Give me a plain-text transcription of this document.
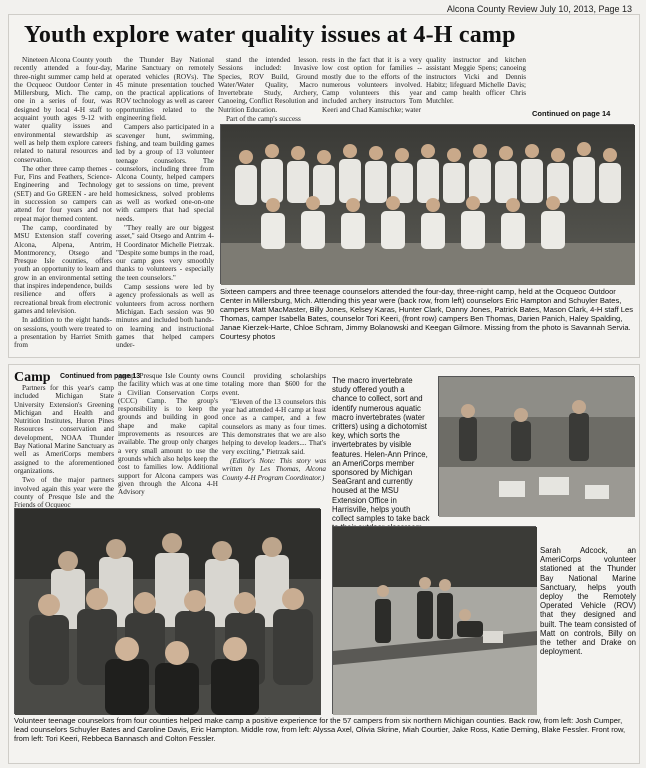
Alcona County Review July 10, 2013, Page 13
Youth explore water quality issues at 4-H camp

Nineteen Alcona County youth recently attended a four-day, three-night summer camp held at the Ocqueoc Outdoor Center in Millersburg, Mich. The camp, one in a series of four, was designed by local 4-H staff to acquaint youth ages 9-12 with water quality issues and environmental stewardship as well as help them explore careers related to natural resources and conservation.

The other three camp themes - Fur, Fins and Feathers, Science-Engineering and Technology (SET) and Go GREEN - are held in succession so campers can attend for four years and not repeat major themed content.

The camp, coordinated by MSU Extension staff covering Alcona, Alpena, Antrim, Montmorency, Otsego and Presque Isle counties, offers youth an opportunity to learn and grow in an environmental setting that inspires independence, builds resilience and offers a recreational break from electronic games and television.

In addition to the eight hands-on sessions, youth were treated to a presentation by Harriet Smith from

the Thunder Bay National Marine Sanctuary on remotely operated vehicles (ROVs). The 45 minute presentation touched on the practical applications of ROV technology as well as career opportunities related to the engineering field.

Campers also participated in a scavenger hunt, swimming, fishing, and team building games led by a group of 13 volunteer teenage counselors. The counselors, including three from Alcona County, helped campers get to sessions on time, prevent homesickness, solved problems as well as worked one-on-one with campers that had special needs.

"They really are our biggest asset," said Otsego and Antrim 4-H Coordinator Michelle Pietrzak. "Despite some bumps in the road, our camp goes very smoothly thanks to volunteers - especially the teen counselors."

Camp sessions were led by agency professionals as well as volunteers from across northern Michigan. Each session was 90 minutes and included both hands-on learning and instructional games that helped campers under-

stand the intended lesson. Sessions included: Invasive Species, ROV Build, Ground Water/Water Quality, Macro Invertebrate Study, Archery, Canoeing, Conflict Resolution and Nutrition Education.

Part of the camp's success

rests in the fact that it is a very low cost option for families -- mostly due to the efforts of the numerous volunteers involved. Camp volunteers this year included archery instructors Tom Keeri and Chad Kamischke; water

quality instructor and kitchen assistant Meggie Spens; canoeing instructors Vicki and Dennis Habitz; lifeguard Michelle Davis; and camp health officer Chris Mutchler.

Continued on page 14
Sixteen campers and three teenage counselors attended the four-day, three-night camp, held at the Ocqueoc Outdoor Center in Millersburg, Mich. Attending this year were (back row, from left) counselors Eric Hampton and Schuyler Bates, campers Matt MacMaster, Billy Jones, Kelsey Karas, Hunter Clark, Danny Jones, Patrick Bates, Mason Clark, 4-H staff Les Thomas, camper Isabella Bates, counselor Tori Keeri, (front row) campers Ben Thomas, Darien Panich, Haley Spalding, Janae Kierzek-Harte, Chloe Schram, Jimmy Bolanowski and Keegan Gilmore. Missing from the photo is Savannah Servia. Courtesy photos
Camp Continued from page 13

Partners for this year's camp included Michigan State University Extension's Greening Michigan and Health and Nutrition Institutes, Huron Pines Resources - conservation and development, NOAA Thunder Bay National Marine Sanctuary as well as AmeriCorps members assigned to the aforementioned organizations.

Two of the major partners involved again this year were the county of Presque Isle and the Friends of Ocqueoc

group. Presque Isle County owns the facility which was at one time a Civilian Conservation Corps (CCC) Camp. The group's responsibility is to keep the grounds and building in good shape and make capital improvements as resources are available. The group only charges a very small amount to use the grounds which also helps keep the cost to families low. Additional support for Alcona campers was given through the Alcona 4-H Advisory

Council providing scholarships totaling more than $600 for the event.

"Eleven of the 13 counselors this year had attended 4-H camp at least once as a camper, and a few counselors as many as four times. This demonstrates that we are also helping to develop leaders.... That's very exciting," Pietrzak said.

(Editor's Note: This story was written by Les Thomas, Alcona County 4-H Program Coordinator.)

Volunteer teenage counselors from four counties helped make camp a positive experience for the 57 campers from six northern Michigan counties. Back row, from left: Josh Cumper, lead counselors Schuyler Bates and Caroline Davis, Eric Hampton. Middle row, from left: Alyssa Axel, Olivia Skrine, Miah Courtier, Jake Ross, Katie Deming, Blake Fessler. Front row, from left: Tori Keeri, Rebbeca Bannasch and Colton Fessler.
The macro invertebrate study offered youth a chance to collect, sort and identify numerous aquatic macro invertebrates (water critters) using a dichotomist key, which sorts the invertebrates by visible features. Helen-Ann Prince, an AmeriCorps member sponsored by Michigan SeaGrant and currently housed at the MSU Extension Office in Harrisville, helps youth collect samples to take back
Sarah Adcock, an AmeriCorps volunteer stationed at the Thunder Bay National Marine Sanctuary, helps youth deploy the Remotely Operated Vehicle (ROV) that they designed and built. The team consisted of Matt on controls, Billy on the tether and Drake on deployment.
